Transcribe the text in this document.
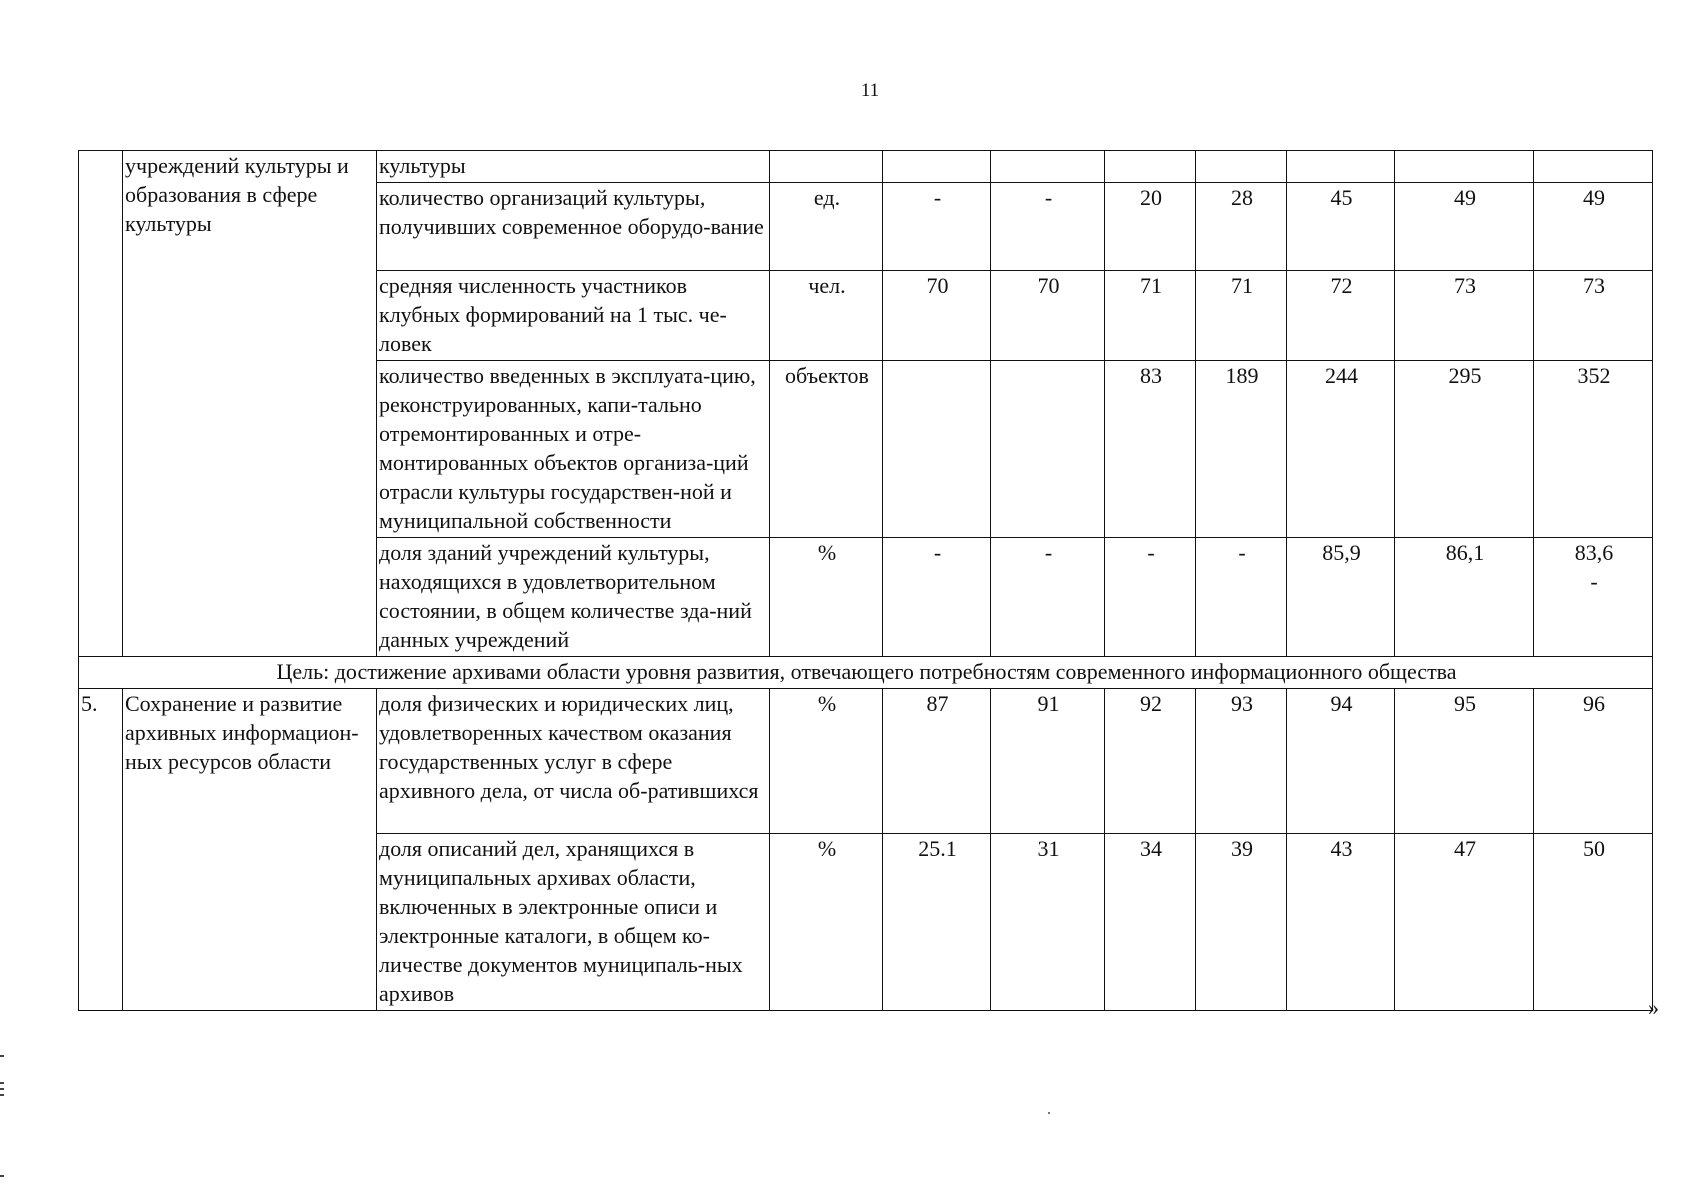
11
	учреждений культуры и образования в сфере культуры	культуры								
		количество организаций культуры, получивших современное оборудо-вание	ед.	-	-	20	28	45	49	49
		средняя численность участников клубных формирований на 1 тыс. че-ловек	чел.	70	70	71	71	72	73	73
		количество введенных в эксплуата-цию, реконструированных, капи-тально отремонтированных и отре-монтированных объектов организа-ций отрасли культуры государствен-ной и муниципальной собственности	объектов			83	189	244	295	352
		доля зданий учреждений культуры, находящихся в удовлетворительном состоянии, в общем количестве зда-ний данных учреждений	%	-	-	-	-	85,9	86,1	83,6
-

Цель: достижение архивами области уровня развития, отвечающего потребностям современного информационного общества										
5.	Сохранение и развитие архивных информацион-ных ресурсов области	доля физических и юридических лиц, удовлетворенных качеством оказания государственных услуг в сфере архивного дела, от числа об-ратившихся	%	87	91	92	93	94	95	96
		доля описаний дел, хранящихся в муниципальных архивах области, включенных в электронные описи и электронные каталоги, в общем ко-личестве документов муниципаль-ных архивов	%	25.1	31	34	39	43	47	50
»
